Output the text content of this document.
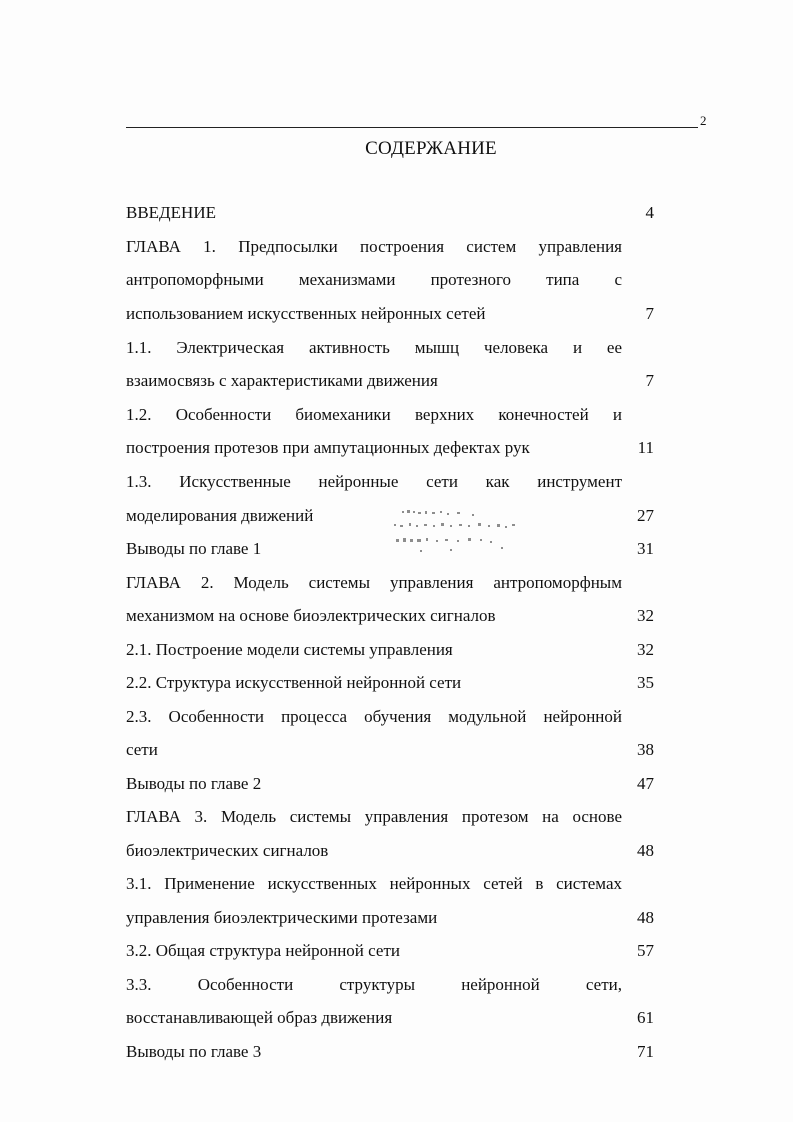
2
СОДЕРЖАНИЕ
ВВЕДЕНИЕ	4
ГЛАВА 1. Предпосылки построения систем управления
антропоморфными механизмами протезного типа с
использованием искусственных нейронных сетей	7
1.1. Электрическая активность мышц человека и ее
взаимосвязь с характеристиками движения	7
1.2. Особенности биомеханики верхних конечностей и
построения протезов при ампутационных дефектах рук	11
1.3. Искусственные нейронные сети как инструмент
моделирования движений	27
Выводы по главе 1	31
ГЛАВА 2. Модель системы управления антропоморфным
механизмом на основе биоэлектрических сигналов	32
2.1. Построение модели системы управления	32
2.2. Структура искусственной нейронной сети	35
2.3. Особенности процесса обучения модульной нейронной
сети	38
Выводы по главе 2	47
ГЛАВА 3. Модель системы управления протезом на основе
биоэлектрических сигналов	48
3.1. Применение искусственных нейронных сетей в системах
управления биоэлектрическими протезами	48
3.2. Общая структура нейронной сети	57
3.3. Особенности структуры нейронной сети,
восстанавливающей образ движения	61
Выводы по главе 3	71
